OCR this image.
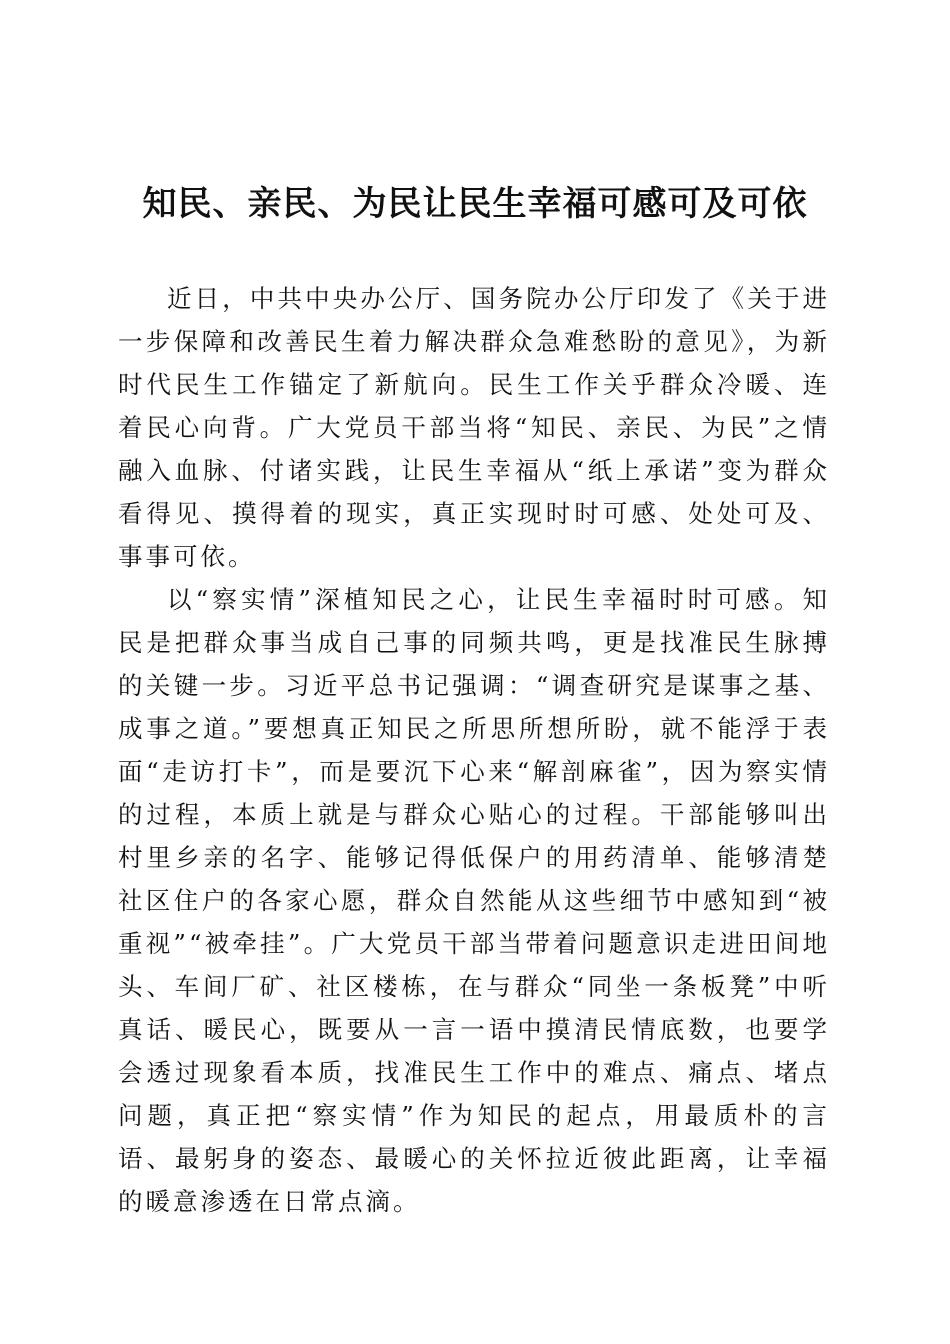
知民、亲民、为民让民生幸福可感可及可依

近日，中共中央办公厅、国务院办公厅印发了《关于进一步保障和改善民生着力解决群众急难愁盼的意见》，为新时代民生工作锚定了新航向。民生工作关乎群众冷暖、连着民心向背。广大党员干部当将“知民、亲民、为民”之情融入血脉、付诸实践，让民生幸福从“纸上承诺”变为群众看得见、摸得着的现实，真正实现时时可感、处处可及、事事可依。

以“察实情”深植知民之心，让民生幸福时时可感。知民是把群众事当成自己事的同频共鸣，更是找准民生脉搏的关键一步。习近平总书记强调：“调查研究是谋事之基、成事之道。”要想真正知民之所思所想所盼，就不能浮于表面“走访打卡”，而是要沉下心来“解剖麻雀”，因为察实情的过程，本质上就是与群众心贴心的过程。干部能够叫出村里乡亲的名字、能够记得低保户的用药清单、能够清楚社区住户的各家心愿，群众自然能从这些细节中感知到“被重视”“被牵挂”。广大党员干部当带着问题意识走进田间地头、车间厂矿、社区楼栋，在与群众“同坐一条板凳”中听真话、暖民心，既要从一言一语中摸清民情底数，也要学会透过现象看本质，找准民生工作中的难点、痛点、堵点问题，真正把“察实情”作为知民的起点，用最质朴的言语、最躬身的姿态、最暖心的关怀拉近彼此距离，让幸福的暖意渗透在日常点滴。
